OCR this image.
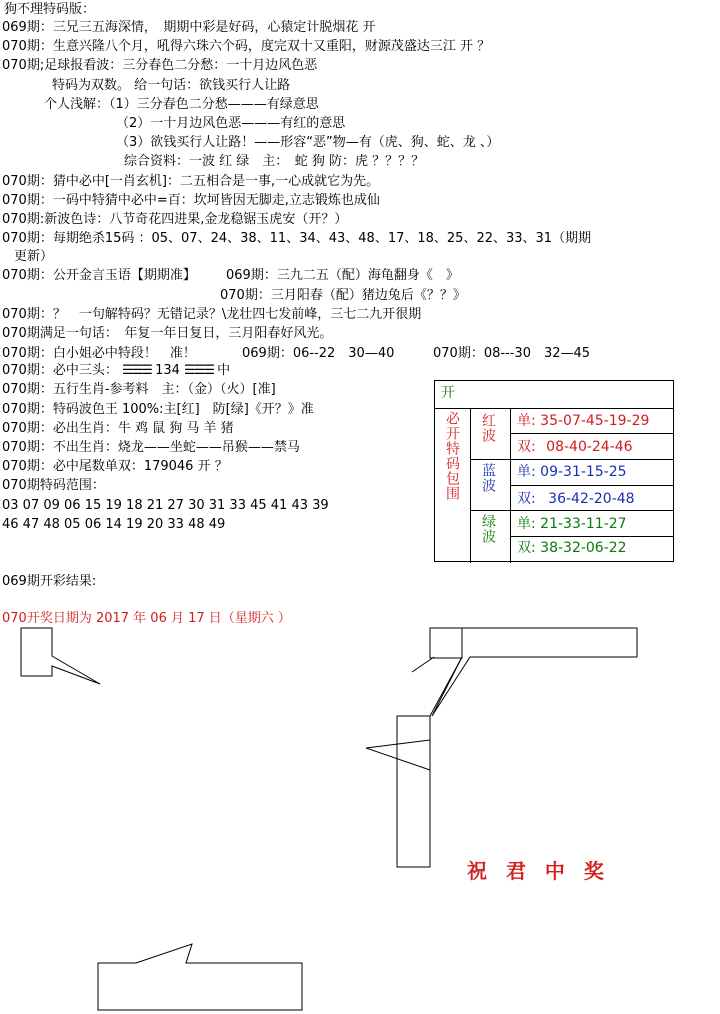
狗不理特码版：
069期：三兄三五海深情，　期期中彩是好码，心猿定计脱烟花 开
070期：生意兴隆八个月，吼得六珠六个码，度完双十又重阳，财源茂盛达三江 开 ？
070期;足球报看波：三分春色二分愁：一十月边风色恶
特码为双数。 给一句话：欲钱买行人让路
个人浅解：（1）三分春色二分愁———有绿意思
（2）一十月边风色恶———有红的意思
（3）欲钱买行人让路！——形容“恶”物—有（虎、狗、蛇、龙 、）
综合资料：一波 红 绿　主：　蛇 狗 防：虎 ？？？？
070期：猜中必中[一肖玄机]：二五相合是一事,一心成就它为先。
070期：一码中特猜中必中=百：坎坷皆因无脚走,立志锻炼也成仙
070期:新波色诗：八节奇花四进果,金龙稳锯玉虎安（开？）
070期：每期绝杀15码 ：05、07、24、38、11、34、43、48、17、18、25、22、33、31（期期
更新）
070期：公开金言玉语【期期准】 069期：三九二五（配）海龟翻身《　》
070期：三月阳春（配）猪边兔后《？？》
070期：？　一句解特码？无错记录？\龙壮四七发前峰，三七二九开很期
070期满足一句话：　年复一年日复日，三月阳春好风光。
070期：白小姐必中特段！　准！	069期：06--22　30—40	070期：08---30　32—45
070期：必中三头： ☰☰☰ 134 ☰☰☰ 中
070期：五行生肖-参考料　主：（金）（火）[准]
070期：特码波色王 100%:主[红]　防[绿]《开？》准
070期：必出生肖：牛 鸡 鼠 狗 马 羊 猪
070期：不出生肖：烧龙——坐蛇——吊猴——禁马
070期：必中尾数单双：179046 开 ？
070期特码范围：
03 07 09 06 15 19 18 21 27 30 31 33 45 41 43 39
46 47 48 05 06 14 19 20 33 48 49
069期开彩结果:
070开奖日期为 2017 年 06 月 17 日（星期六 ）
开
必开特码包围 红波
蓝波
绿波
单: 35-07-45-19-29
双: 08-40-24-46
单: 09-31-15-25
双: 36-42-20-48
单: 21-33-11-27
双: 38-32-06-22
祝 君 中 奖
